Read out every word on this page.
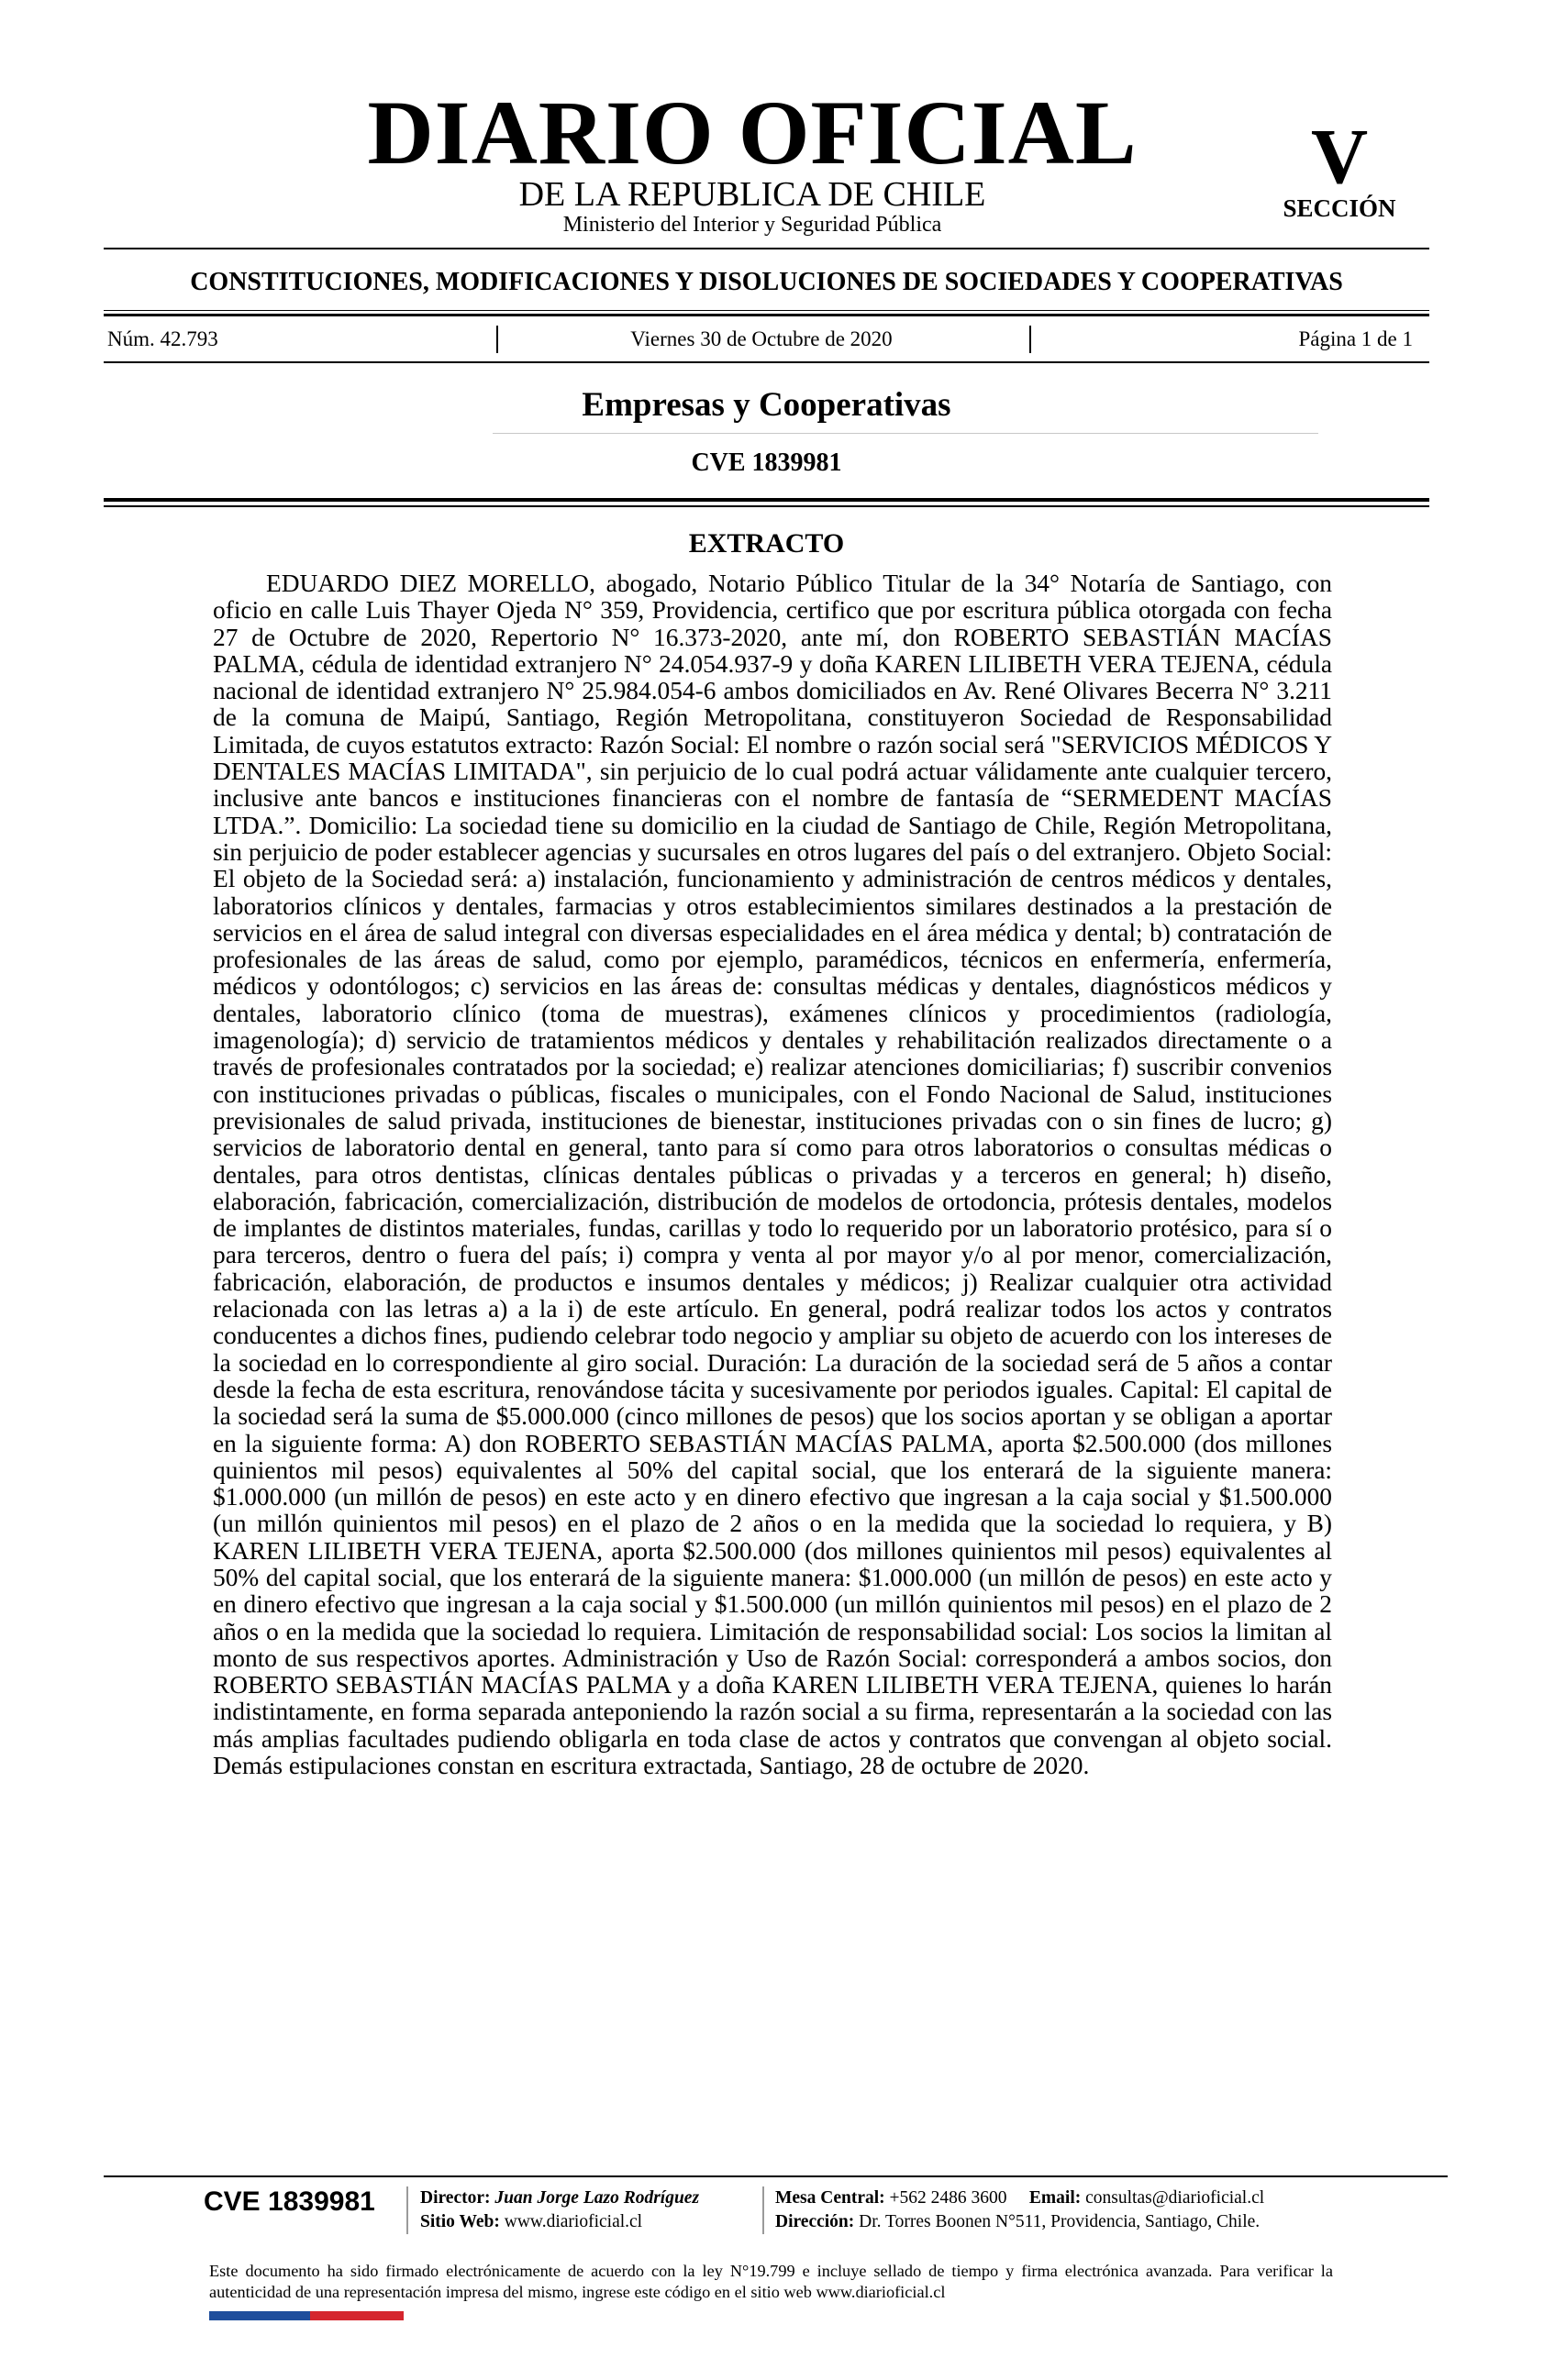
DIARIO OFICIAL
DE LA REPUBLICA DE CHILE
Ministerio del Interior y Seguridad Pública
V
SECCIÓN
CONSTITUCIONES, MODIFICACIONES Y DISOLUCIONES DE SOCIEDADES Y COOPERATIVAS
Núm. 42.793	Viernes 30 de Octubre de 2020	Página 1 de 1
Empresas y Cooperativas
CVE 1839981
EXTRACTO
EDUARDO DIEZ MORELLO, abogado, Notario Público Titular de la 34° Notaría de Santiago, con oficio en calle Luis Thayer Ojeda N° 359, Providencia, certifico que por escritura pública otorgada con fecha 27 de Octubre de 2020, Repertorio N° 16.373-2020, ante mí, don ROBERTO SEBASTIÁN MACÍAS PALMA, cédula de identidad extranjero N° 24.054.937-9 y doña KAREN LILIBETH VERA TEJENA, cédula nacional de identidad extranjero N° 25.984.054-6 ambos domiciliados en Av. René Olivares Becerra N° 3.211 de la comuna de Maipú, Santiago, Región Metropolitana, constituyeron Sociedad de Responsabilidad Limitada, de cuyos estatutos extracto: Razón Social: El nombre o razón social será "SERVICIOS MÉDICOS Y DENTALES MACÍAS LIMITADA", sin perjuicio de lo cual podrá actuar válidamente ante cualquier tercero, inclusive ante bancos e instituciones financieras con el nombre de fantasía de “SERMEDENT MACÍAS LTDA.”. Domicilio: La sociedad tiene su domicilio en la ciudad de Santiago de Chile, Región Metropolitana, sin perjuicio de poder establecer agencias y sucursales en otros lugares del país o del extranjero. Objeto Social: El objeto de la Sociedad será: a) instalación, funcionamiento y administración de centros médicos y dentales, laboratorios clínicos y dentales, farmacias y otros establecimientos similares destinados a la prestación de servicios en el área de salud integral con diversas especialidades en el área médica y dental; b) contratación de profesionales de las áreas de salud, como por ejemplo, paramédicos, técnicos en enfermería, enfermería, médicos y odontólogos; c) servicios en las áreas de: consultas médicas y dentales, diagnósticos médicos y dentales, laboratorio clínico (toma de muestras), exámenes clínicos y procedimientos (radiología, imagenología); d) servicio de tratamientos médicos y dentales y rehabilitación realizados directamente o a través de profesionales contratados por la sociedad; e) realizar atenciones domiciliarias; f) suscribir convenios con instituciones privadas o públicas, fiscales o municipales, con el Fondo Nacional de Salud, instituciones previsionales de salud privada, instituciones de bienestar, instituciones privadas con o sin fines de lucro; g) servicios de laboratorio dental en general, tanto para sí como para otros laboratorios o consultas médicas o dentales, para otros dentistas, clínicas dentales públicas o privadas y a terceros en general; h) diseño, elaboración, fabricación, comercialización, distribución de modelos de ortodoncia, prótesis dentales, modelos de implantes de distintos materiales, fundas, carillas y todo lo requerido por un laboratorio protésico, para sí o para terceros, dentro o fuera del país; i) compra y venta al por mayor y/o al por menor, comercialización, fabricación, elaboración, de productos e insumos dentales y médicos; j) Realizar cualquier otra actividad relacionada con las letras a) a la i) de este artículo. En general, podrá realizar todos los actos y contratos conducentes a dichos fines, pudiendo celebrar todo negocio y ampliar su objeto de acuerdo con los intereses de la sociedad en lo correspondiente al giro social. Duración: La duración de la sociedad será de 5 años a contar desde la fecha de esta escritura, renovándose tácita y sucesivamente por periodos iguales. Capital: El capital de la sociedad será la suma de $5.000.000 (cinco millones de pesos) que los socios aportan y se obligan a aportar en la siguiente forma: A) don ROBERTO SEBASTIÁN MACÍAS PALMA, aporta $2.500.000 (dos millones quinientos mil pesos) equivalentes al 50% del capital social, que los enterará de la siguiente manera: $1.000.000 (un millón de pesos) en este acto y en dinero efectivo que ingresan a la caja social y $1.500.000 (un millón quinientos mil pesos) en el plazo de 2 años o en la medida que la sociedad lo requiera, y B) KAREN LILIBETH VERA TEJENA, aporta $2.500.000 (dos millones quinientos mil pesos) equivalentes al 50% del capital social, que los enterará de la siguiente manera: $1.000.000 (un millón de pesos) en este acto y en dinero efectivo que ingresan a la caja social y $1.500.000 (un millón quinientos mil pesos) en el plazo de 2 años o en la medida que la sociedad lo requiera. Limitación de responsabilidad social: Los socios la limitan al monto de sus respectivos aportes. Administración y Uso de Razón Social: corresponderá a ambos socios, don ROBERTO SEBASTIÁN MACÍAS PALMA y a doña KAREN LILIBETH VERA TEJENA, quienes lo harán indistintamente, en forma separada anteponiendo la razón social a su firma, representarán a la sociedad con las más amplias facultades pudiendo obligarla en toda clase de actos y contratos que convengan al objeto social. Demás estipulaciones constan en escritura extractada, Santiago, 28 de octubre de 2020.
CVE 1839981	Director: Juan Jorge Lazo Rodríguez
Sitio Web: www.diarioficial.cl
Mesa Central: +562 2486 3600 Email: consultas@diarioficial.cl
Dirección: Dr. Torres Boonen N°511, Providencia, Santiago, Chile.
Este documento ha sido firmado electrónicamente de acuerdo con la ley N°19.799 e incluye sellado de tiempo y firma electrónica avanzada. Para verificar la autenticidad de una representación impresa del mismo, ingrese este código en el sitio web www.diarioficial.cl
